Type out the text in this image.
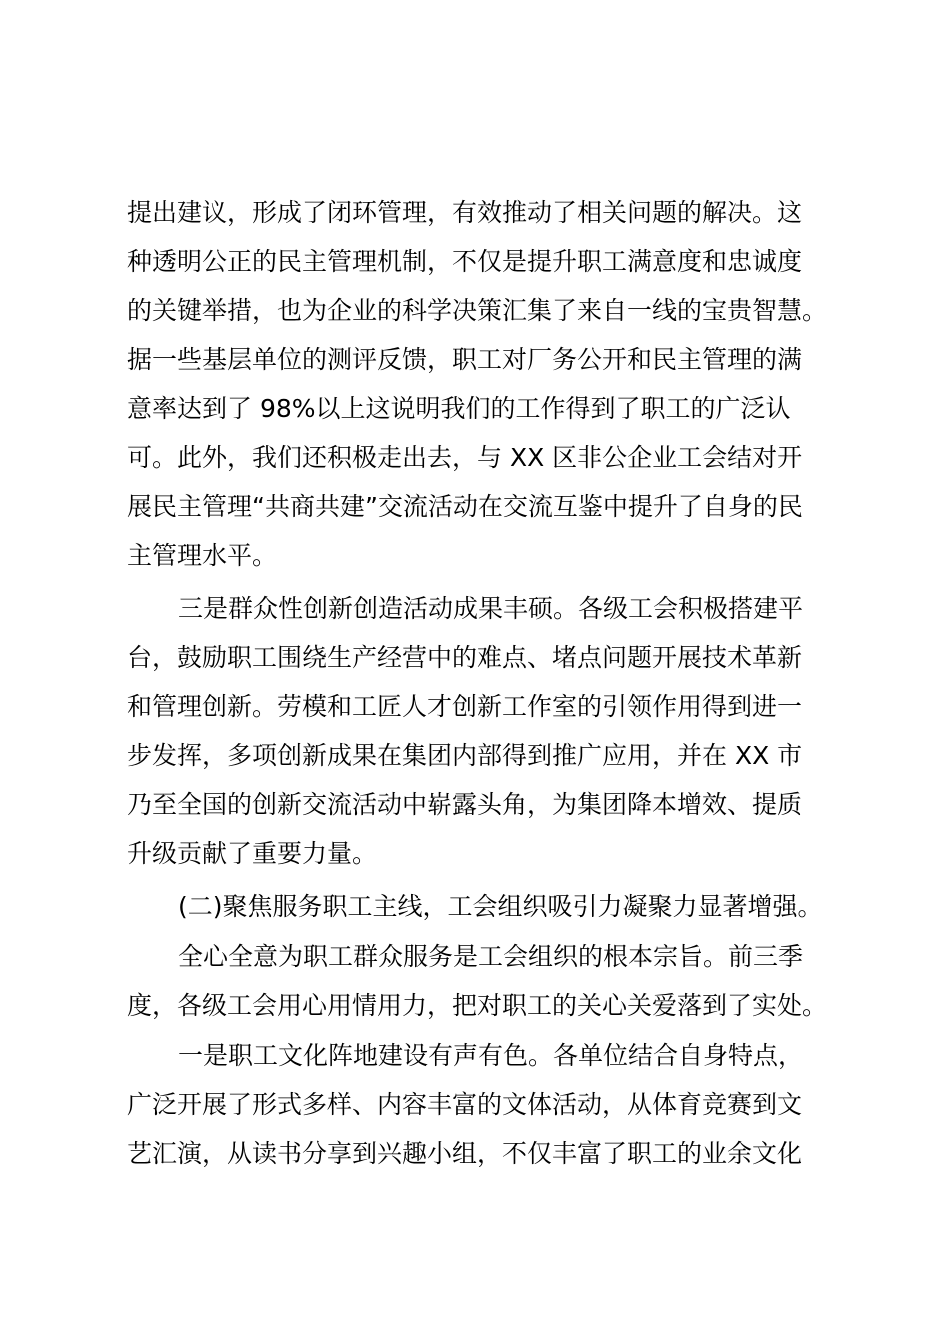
提出建议，形成了闭环管理，有效推动了相关问题的解决。这
种透明公正的民主管理机制，不仅是提升职工满意度和忠诚度
的关键举措，也为企业的科学决策汇集了来自一线的宝贵智慧。
据一些基层单位的测评反馈，职工对厂务公开和民主管理的满
意率达到了 98%以上这说明我们的工作得到了职工的广泛认
可。此外，我们还积极走出去，与 XX 区非公企业工会结对开
展民主管理“共商共建”交流活动在交流互鉴中提升了自身的民
主管理水平。
三是群众性创新创造活动成果丰硕。各级工会积极搭建平
台，鼓励职工围绕生产经营中的难点、堵点问题开展技术革新
和管理创新。劳模和工匠人才创新工作室的引领作用得到进一
步发挥，多项创新成果在集团内部得到推广应用，并在 XX 市
乃至全国的创新交流活动中崭露头角，为集团降本增效、提质
升级贡献了重要力量。
(二)聚焦服务职工主线，工会组织吸引力凝聚力显著增强。
全心全意为职工群众服务是工会组织的根本宗旨。前三季
度，各级工会用心用情用力，把对职工的关心关爱落到了实处。
一是职工文化阵地建设有声有色。各单位结合自身特点，
广泛开展了形式多样、内容丰富的文体活动，从体育竞赛到文
艺汇演，从读书分享到兴趣小组，不仅丰富了职工的业余文化
